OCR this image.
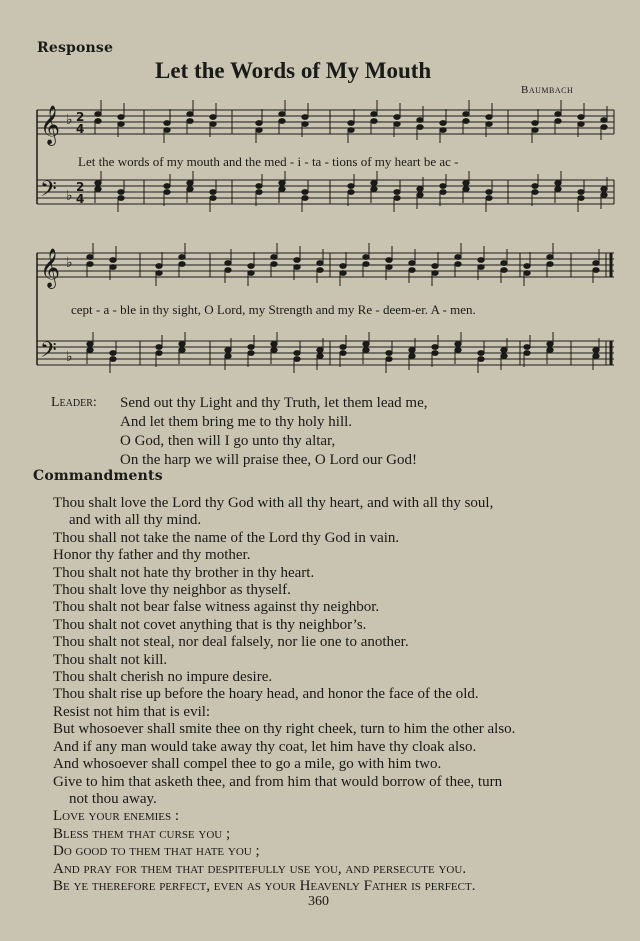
Response
Let the Words of My Mouth
Baumbach
𝄞
𝄢
♭
♭
2
4
2
4
𝄞
𝄢
♭
♭
Let the words of my mouth and the med - i - ta - tions of my heart be ac -
cept - a - ble in thy sight, O Lord, my Strength and my Re - deem-er. A - men.
Leader: Send out thy Light and thy Truth, let them lead me,
And let them bring me to thy holy hill.
O God, then will I go unto thy altar,
On the harp we will praise thee, O Lord our God!
Commandments
Thou shalt love the Lord thy God with all thy heart, and with all thy soul,
and with all thy mind.
Thou shall not take the name of the Lord thy God in vain.
Honor thy father and thy mother.
Thou shalt not hate thy brother in thy heart.
Thou shalt love thy neighbor as thyself.
Thou shalt not bear false witness against thy neighbor.
Thou shalt not covet anything that is thy neighbor’s.
Thou shalt not steal, nor deal falsely, nor lie one to another.
Thou shalt not kill.
Thou shalt cherish no impure desire.
Thou shalt rise up before the hoary head, and honor the face of the old.
Resist not him that is evil:
But whosoever shall smite thee on thy right cheek, turn to him the other also.
And if any man would take away thy coat, let him have thy cloak also.
And whosoever shall compel thee to go a mile, go with him two.
Give to him that asketh thee, and from him that would borrow of thee, turn
not thou away.
Love your enemies :
Bless them that curse you ;
Do good to them that hate you ;
And pray for them that despitefully use you, and persecute you.
Be ye therefore perfect, even as your Heavenly Father is perfect.
360
